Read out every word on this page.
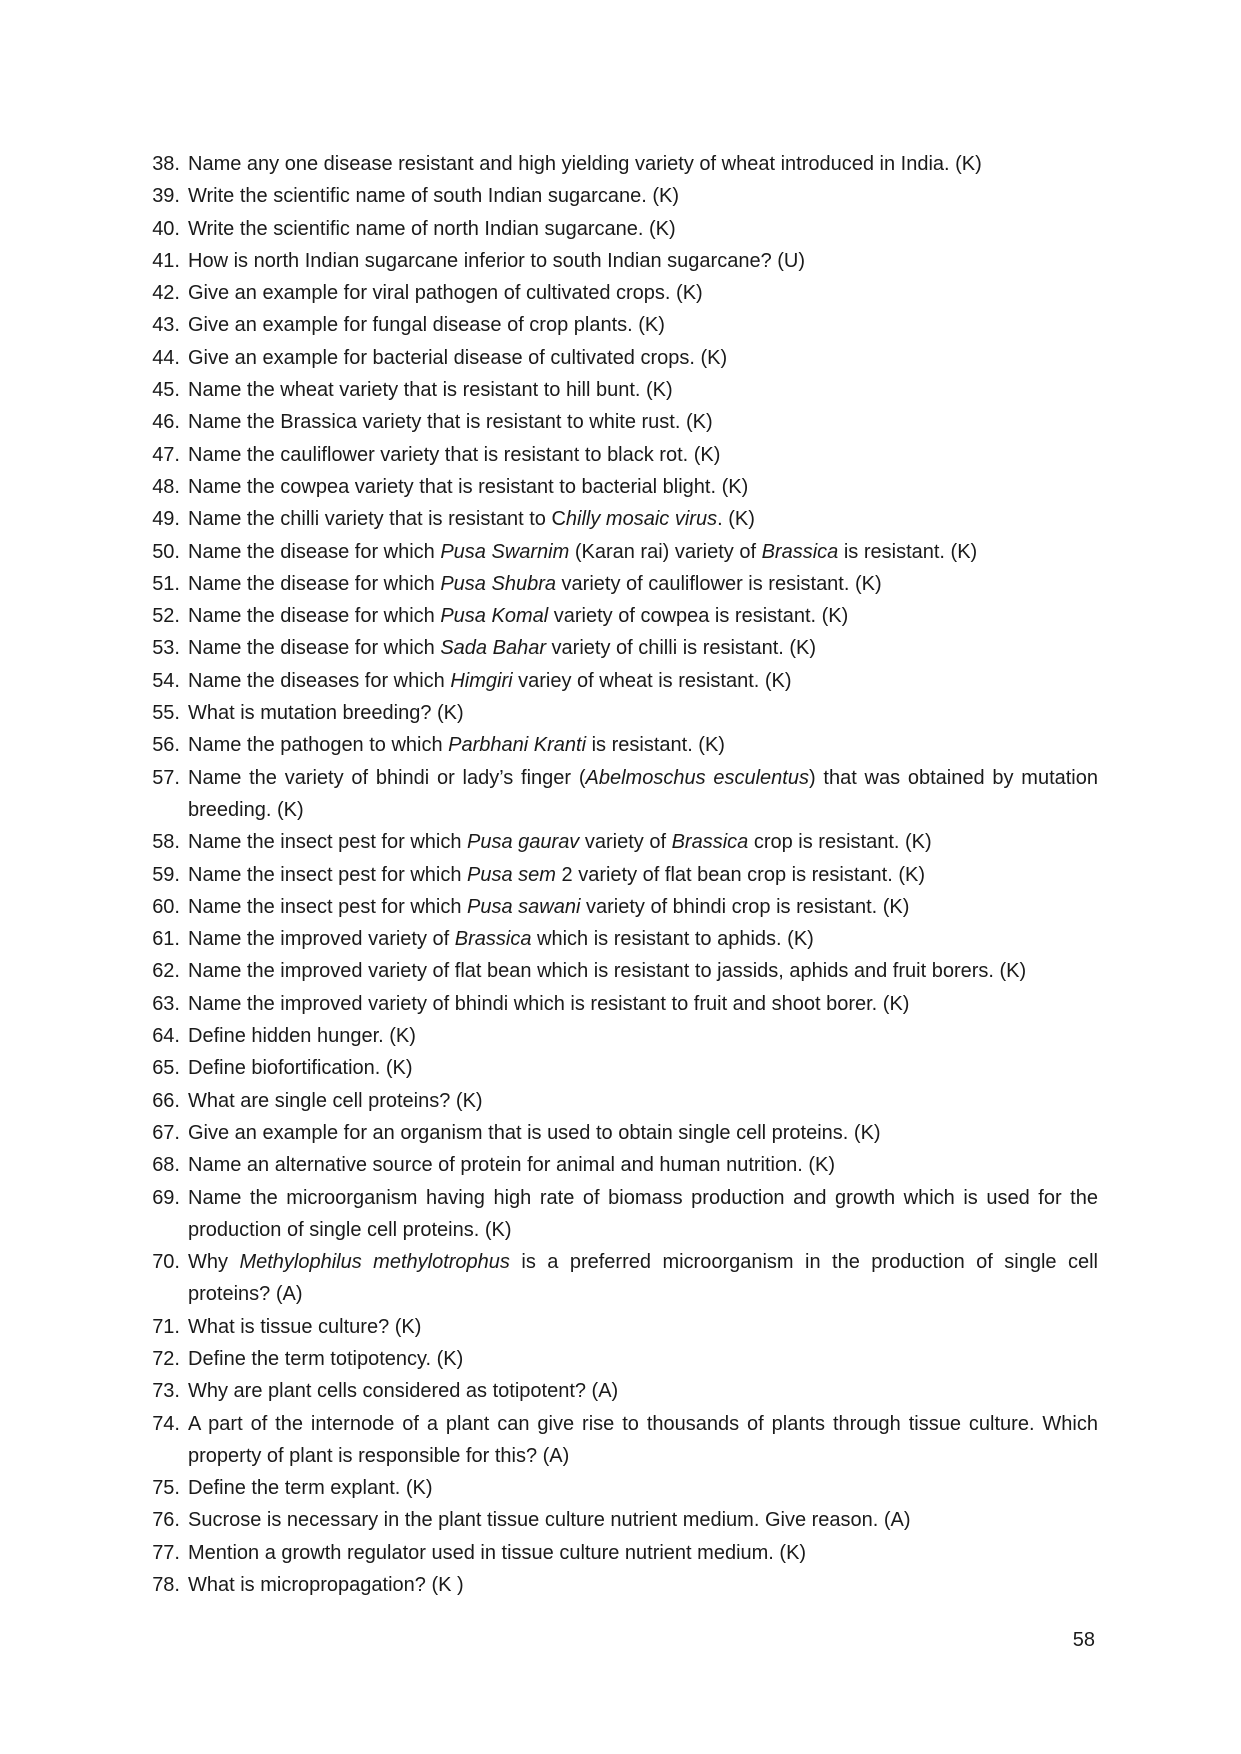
38. Name any one disease resistant and high yielding variety of wheat introduced in India. (K)
39. Write the scientific name of south Indian sugarcane. (K)
40. Write the scientific name of north Indian sugarcane. (K)
41. How is north Indian sugarcane inferior to south Indian sugarcane? (U)
42. Give an example for viral pathogen of cultivated crops. (K)
43. Give an example for fungal disease of crop plants. (K)
44. Give an example for bacterial disease of cultivated crops. (K)
45. Name the wheat variety that is resistant to hill bunt. (K)
46. Name the Brassica variety that is resistant to white rust. (K)
47. Name the cauliflower variety that is resistant to black rot. (K)
48. Name the cowpea variety that is resistant to bacterial blight. (K)
49. Name the chilli variety that is resistant to Chilly mosaic virus. (K)
50. Name the disease for which Pusa Swarnim (Karan rai) variety of Brassica is resistant. (K)
51. Name the disease for which Pusa Shubra variety of cauliflower is resistant. (K)
52. Name the disease for which Pusa Komal variety of cowpea is resistant. (K)
53. Name the disease for which Sada Bahar variety of chilli is resistant. (K)
54. Name the diseases for which Himgiri variey of wheat is resistant. (K)
55. What is mutation breeding? (K)
56. Name the pathogen to which Parbhani Kranti is resistant. (K)
57. Name the variety of bhindi or lady’s finger (Abelmoschus esculentus) that was obtained by mutation breeding. (K)
58. Name the insect pest for which Pusa gaurav variety of Brassica crop is resistant. (K)
59. Name the insect pest for which Pusa sem 2 variety of flat bean crop is resistant. (K)
60. Name the insect pest for which Pusa sawani variety of bhindi crop is resistant. (K)
61. Name the improved variety of Brassica which is resistant to aphids. (K)
62. Name the improved variety of flat bean which is resistant to jassids, aphids and fruit borers. (K)
63. Name the improved variety of bhindi which is resistant to fruit and shoot borer. (K)
64. Define hidden hunger. (K)
65. Define biofortification. (K)
66. What are single cell proteins? (K)
67. Give an example for an organism that is used to obtain single cell proteins. (K)
68. Name an alternative source of protein for animal and human nutrition. (K)
69. Name the microorganism having high rate of biomass production and growth which is used for the production of single cell proteins. (K)
70. Why Methylophilus methylotrophus is a preferred microorganism in the production of single cell proteins? (A)
71. What is tissue culture? (K)
72. Define the term totipotency. (K)
73. Why are plant cells considered as totipotent? (A)
74. A part of the internode of a plant can give rise to thousands of plants through tissue culture. Which property of plant is responsible for this? (A)
75. Define the term explant. (K)
76. Sucrose is necessary in the plant tissue culture nutrient medium. Give reason. (A)
77. Mention a growth regulator used in tissue culture nutrient medium. (K)
78. What is micropropagation? (K )
58
